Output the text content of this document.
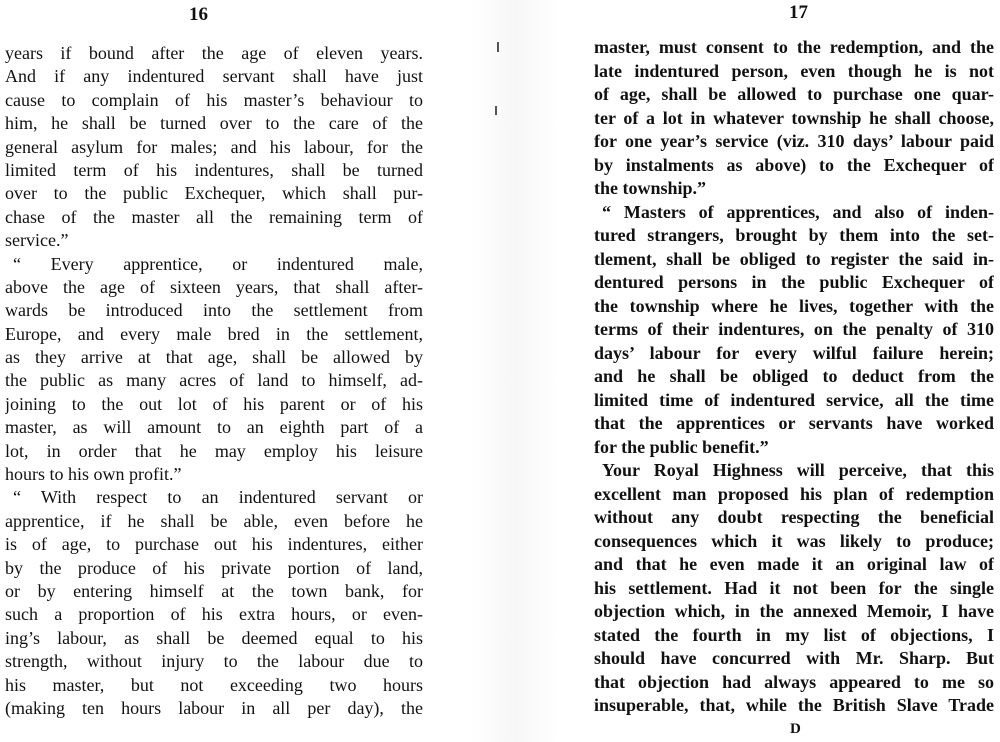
16
years if bound after the age of eleven years.
And if any indentured servant shall have just
cause to complain of his master’s behaviour to
him, he shall be turned over to the care of the
general asylum for males; and his labour, for the
limited term of his indentures, shall be turned
over to the public Exchequer, which shall pur-
chase of the master all the remaining term of
service.”
“ Every apprentice, or indentured male,
above the age of sixteen years, that shall after-
wards be introduced into the settlement from
Europe, and every male bred in the settlement,
as they arrive at that age, shall be allowed by
the public as many acres of land to himself, ad-
joining to the out lot of his parent or of his
master, as will amount to an eighth part of a
lot, in order that he may employ his leisure
hours to his own profit.”
“ With respect to an indentured servant or
apprentice, if he shall be able, even before he
is of age, to purchase out his indentures, either
by the produce of his private portion of land,
or by entering himself at the town bank, for
such a proportion of his extra hours, or even-
ing’s labour, as shall be deemed equal to his
strength, without injury to the labour due to
his master, but not exceeding two hours
(making ten hours labour in all per day), the
17
master, must consent to the redemption, and the
late indentured person, even though he is not
of age, shall be allowed to purchase one quar-
ter of a lot in whatever township he shall choose,
for one year’s service (viz. 310 days’ labour paid
by instalments as above) to the Exchequer of
the township.”
“ Masters of apprentices, and also of inden-
tured strangers, brought by them into the set-
tlement, shall be obliged to register the said in-
dentured persons in the public Exchequer of
the township where he lives, together with the
terms of their indentures, on the penalty of 310
days’ labour for every wilful failure herein;
and he shall be obliged to deduct from the
limited time of indentured service, all the time
that the apprentices or servants have worked
for the public benefit.”
Your Royal Highness will perceive, that this
excellent man proposed his plan of redemption
without any doubt respecting the beneficial
consequences which it was likely to produce;
and that he even made it an original law of
his settlement. Had it not been for the single
objection which, in the annexed Memoir, I have
stated the fourth in my list of objections, I
should have concurred with Mr. Sharp. But
that objection had always appeared to me so
insuperable, that, while the British Slave Trade
D
